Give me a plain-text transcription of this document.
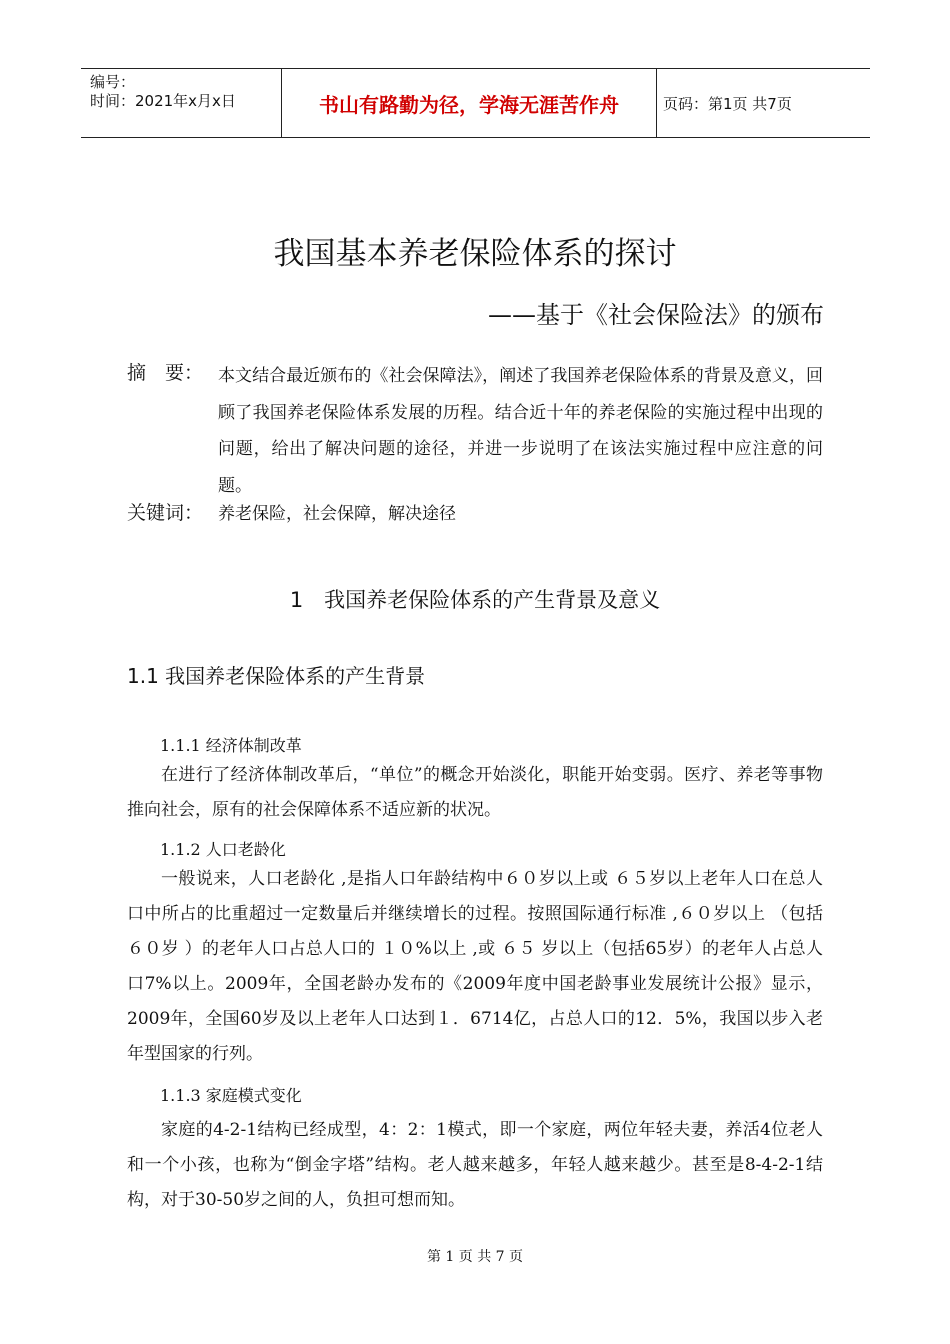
编号：
时间：2021年x月x日	书山有路勤为径，学海无涯苦作舟	页码：第1页 共7页
我国基本养老保险体系的探讨
——基于《社会保险法》的颁布
摘　要： 本文结合最近颁布的《社会保障法》，阐述了我国养老保险体系的背景及意义，回顾了我国养老保险体系发展的历程。结合近十年的养老保险的实施过程中出现的问题，给出了解决问题的途径，并进一步说明了在该法实施过程中应注意的问题。
关键词： 养老保险，社会保障，解决途径
1　我国养老保险体系的产生背景及意义
1.1 我国养老保险体系的产生背景
1.1.1 经济体制改革
在进行了经济体制改革后，“单位”的概念开始淡化，职能开始变弱。医疗、养老等事物推向社会，原有的社会保障体系不适应新的状况。
1.1.2 人口老龄化
一般说来，人口老龄化 ,是指人口年龄结构中６０岁以上或 ６５岁以上老年人口在总人口中所占的比重超过一定数量后并继续增长的过程。按照国际通行标准 ,６０岁以上 （包括 ６０岁 ）的老年人口占总人口的 １０%以上 ,或 ６５ 岁以上（包括65岁）的老年人占总人口7%以上。2009年，全国老龄办发布的《2009年度中国老龄事业发展统计公报》显示，2009年，全国60岁及以上老年人口达到１．6714亿，占总人口的12．5%，我国以步入老年型国家的行列。
1.1.3 家庭模式变化
家庭的4-2-1结构已经成型，4：2：1模式，即一个家庭，两位年轻夫妻，养活4位老人和一个小孩，也称为“倒金字塔”结构。老人越来越多，年轻人越来越少。甚至是8-4-2-1结构，对于30-50岁之间的人，负担可想而知。
第 1 页 共 7 页
